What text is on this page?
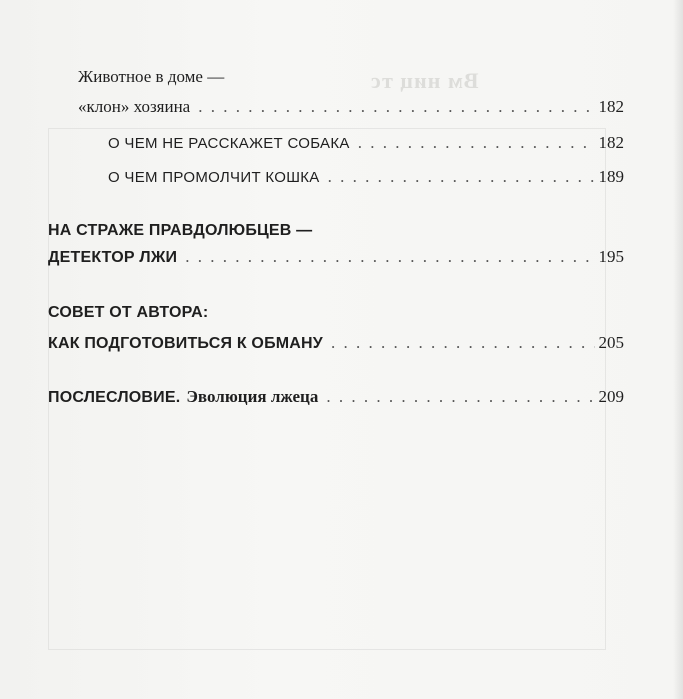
Вм ниц тс
Животное в доме —
«клон» хозяина . . .	182
О ЧЕМ НЕ РАССКАЖЕТ СОБАКА . . .	182
О ЧЕМ ПРОМОЛЧИТ КОШКА . . .	189
НА СТРАЖЕ ПРАВДОЛЮБЦЕВ —
ДЕТЕКТОР ЛЖИ . . .	195
СОВЕТ ОТ АВТОРА:
КАК ПОДГОТОВИТЬСЯ К ОБМАНУ . . .	205
ПОСЛЕСЛОВИЕ. Эволюция лжеца . . .	209
